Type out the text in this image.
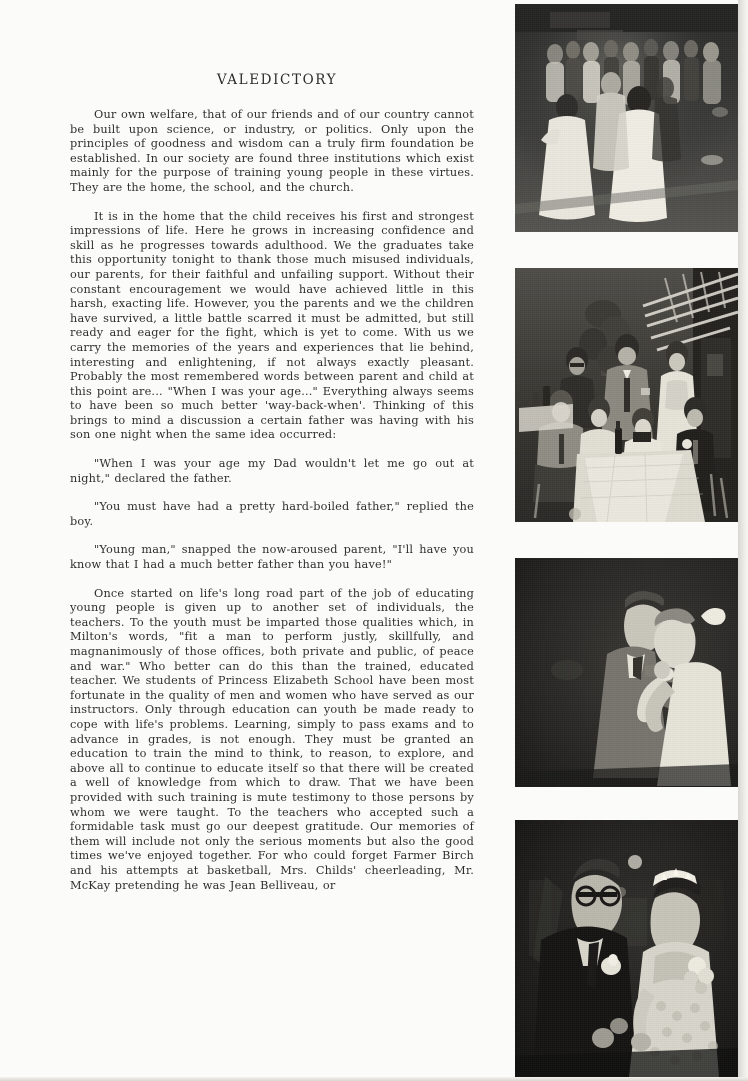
VALEDICTORY

Our own welfare, that of our friends and of our country cannot be built upon science, or industry, or politics. Only upon the principles of goodness and wisdom can a truly firm foundation be established. In our society are found three institutions which exist mainly for the purpose of training young people in these virtues. They are the home, the school, and the church.

It is in the home that the child receives his first and strongest impressions of life. Here he grows in increasing confidence and skill as he progresses towards adulthood. We the graduates take this opportunity tonight to thank those much misused individuals, our parents, for their faithful and unfailing support. Without their constant encouragement we would have achieved little in this harsh, exacting life. However, you the parents and we the children have survived, a little battle scarred it must be admitted, but still ready and eager for the fight, which is yet to come. With us we carry the memories of the years and experiences that lie behind, interesting and enlightening, if not always exactly pleasant. Probably the most remembered words between parent and child at this point are... "When I was your age..." Everything always seems to have been so much better 'way-back-when'. Thinking of this brings to mind a discussion a certain father was having with his son one night when the same idea occurred:

"When I was your age my Dad wouldn't let me go out at night," declared the father.

"You must have had a pretty hard-boiled father," replied the boy.

"Young man," snapped the now-aroused parent, "I'll have you know that I had a much better father than you have!"

Once started on life's long road part of the job of educating young people is given up to another set of individuals, the teachers. To the youth must be imparted those qualities which, in Milton's words, "fit a man to perform justly, skillfully, and magnanimously of those offices, both private and public, of peace and war." Who better can do this than the trained, educated teacher. We students of Princess Elizabeth School have been most fortunate in the quality of men and women who have served as our instructors. Only through education can youth be made ready to cope with life's problems. Learning, simply to pass exams and to advance in grades, is not enough. They must be granted an education to train the mind to think, to reason, to explore, and above all to continue to educate itself so that there will be created a well of knowledge from which to draw. That we have been provided with such training is mute testimony to those persons by whom we were taught. To the teachers who accepted such a formidable task must go our deepest gratitude. Our memories of them will include not only the serious moments but also the good times we've enjoyed together. For who could forget Farmer Birch and his attempts at basketball, Mrs. Childs' cheerleading, Mr. McKay pretending he was Jean Belliveau, or
